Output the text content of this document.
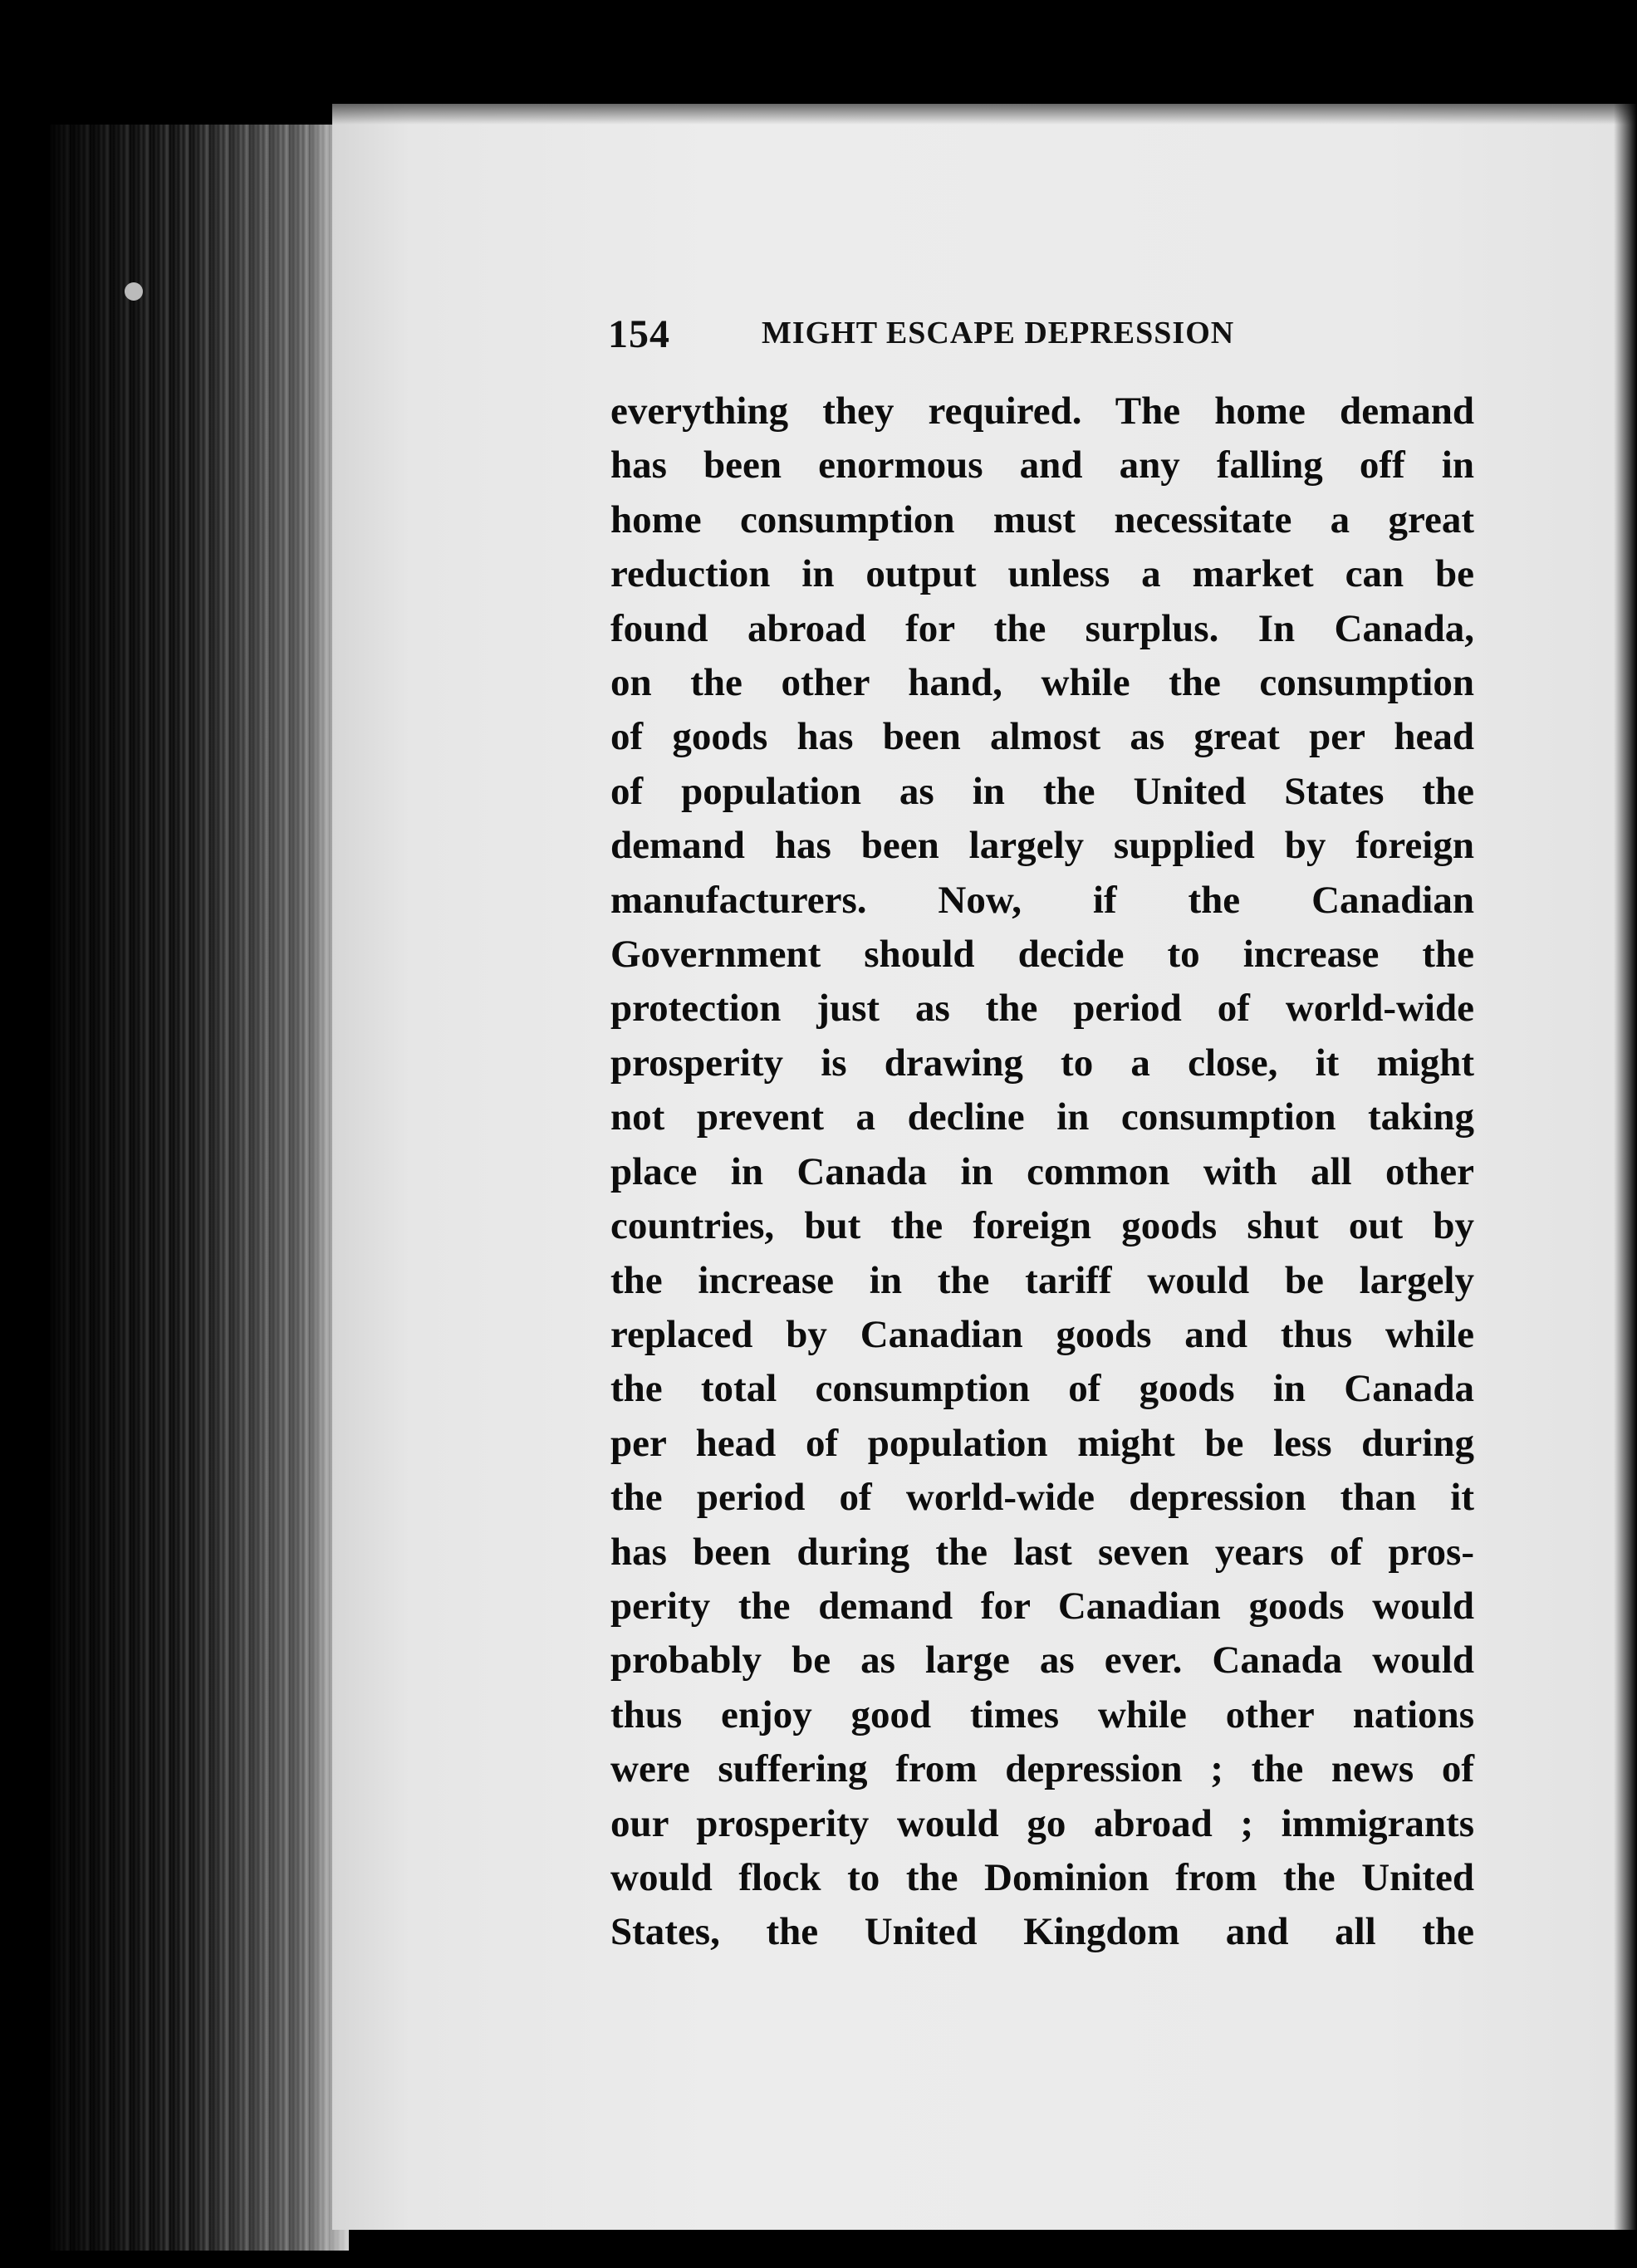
154	MIGHT ESCAPE DEPRESSION
everything they required. The home demand
has been enormous and any falling off in
home consumption must necessitate a great
reduction in output unless a market can be
found abroad for the surplus. In Canada,
on the other hand, while the consumption
of goods has been almost as great per head
of population as in the United States the
demand has been largely supplied by foreign
manufacturers. Now, if the Canadian
Government should decide to increase the
protection just as the period of world-wide
prosperity is drawing to a close, it might
not prevent a decline in consumption taking
place in Canada in common with all other
countries, but the foreign goods shut out by
the increase in the tariff would be largely
replaced by Canadian goods and thus while
the total consumption of goods in Canada
per head of population might be less during
the period of world-wide depression than it
has been during the last seven years of pros-
perity the demand for Canadian goods would
probably be as large as ever. Canada would
thus enjoy good times while other nations
were suffering from depression ; the news of
our prosperity would go abroad ; immigrants
would flock to the Dominion from the United
States, the United Kingdom and all the
